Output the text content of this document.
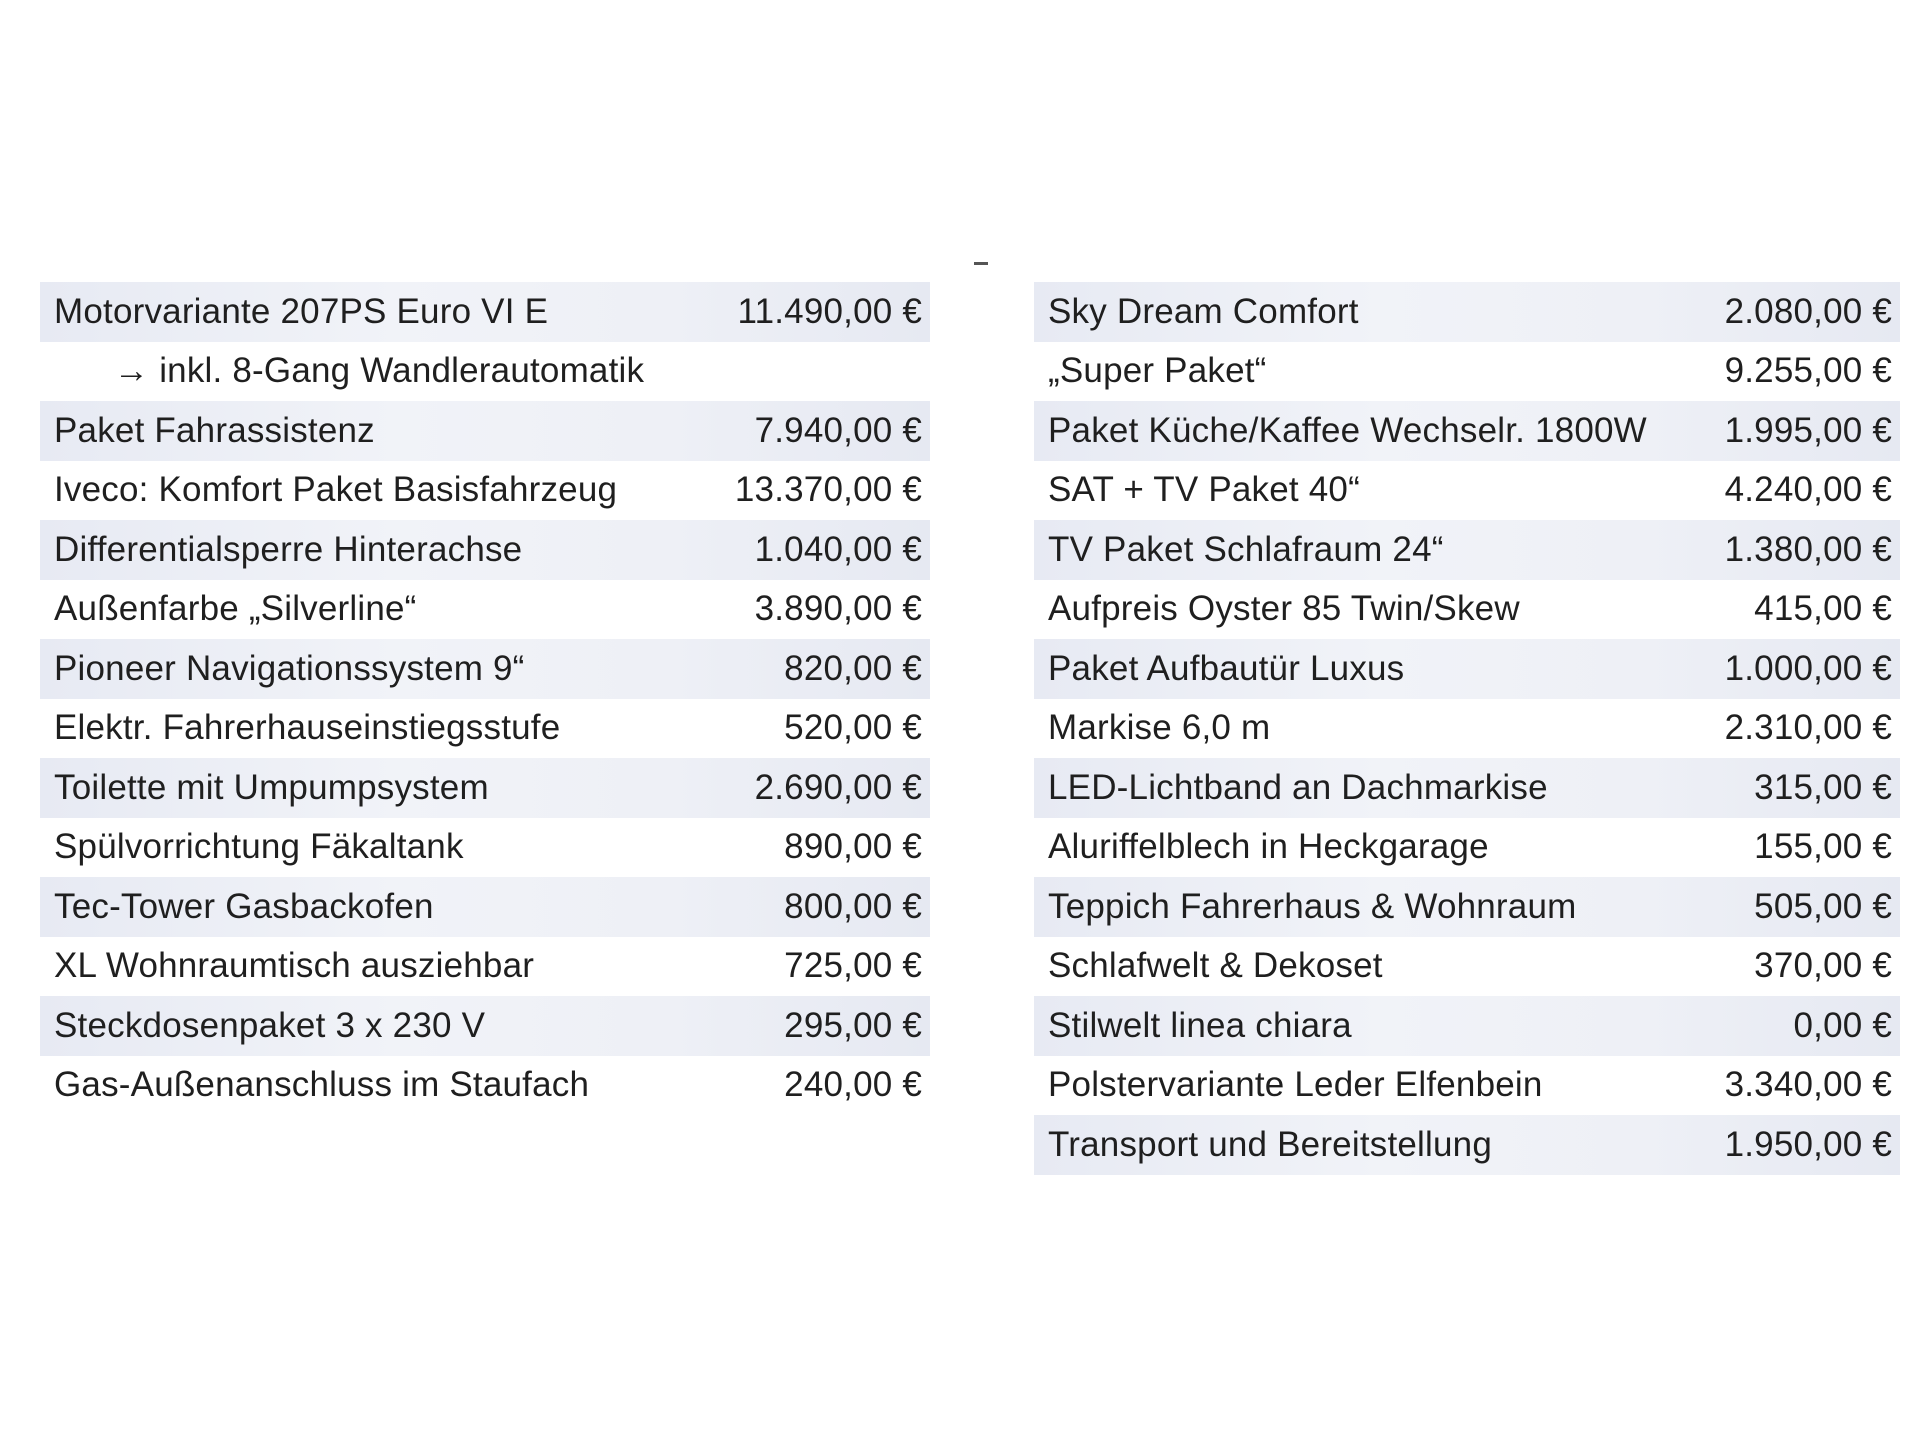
Motorvariante 207PS Euro VI E	11.490,00 €
→ inkl. 8-Gang Wandlerautomatik
Paket Fahrassistenz	7.940,00 €
Iveco: Komfort Paket Basisfahrzeug	13.370,00 €
Differentialsperre Hinterachse	1.040,00 €
Außenfarbe „Silverline“	3.890,00 €
Pioneer Navigationssystem 9“	820,00 €
Elektr. Fahrerhauseinstiegsstufe	520,00 €
Toilette mit Umpumpsystem	2.690,00 €
Spülvorrichtung Fäkaltank	890,00 €
Tec-Tower Gasbackofen	800,00 €
XL Wohnraumtisch ausziehbar	725,00 €
Steckdosenpaket 3 x 230 V	295,00 €
Gas-Außenanschluss im Staufach	240,00 €
Sky Dream Comfort	2.080,00 €
„Super Paket“	9.255,00 €
Paket Küche/Kaffee Wechselr. 1800W	1.995,00 €
SAT + TV Paket 40“	4.240,00 €
TV Paket Schlafraum 24“	1.380,00 €
Aufpreis Oyster 85 Twin/Skew	415,00 €
Paket Aufbautür Luxus	1.000,00 €
Markise 6,0 m	2.310,00 €
LED-Lichtband an Dachmarkise	315,00 €
Aluriffelblech in Heckgarage	155,00 €
Teppich Fahrerhaus & Wohnraum	505,00 €
Schlafwelt & Dekoset	370,00 €
Stilwelt linea chiara	0,00 €
Polstervariante Leder Elfenbein	3.340,00 €
Transport und Bereitstellung	1.950,00 €
